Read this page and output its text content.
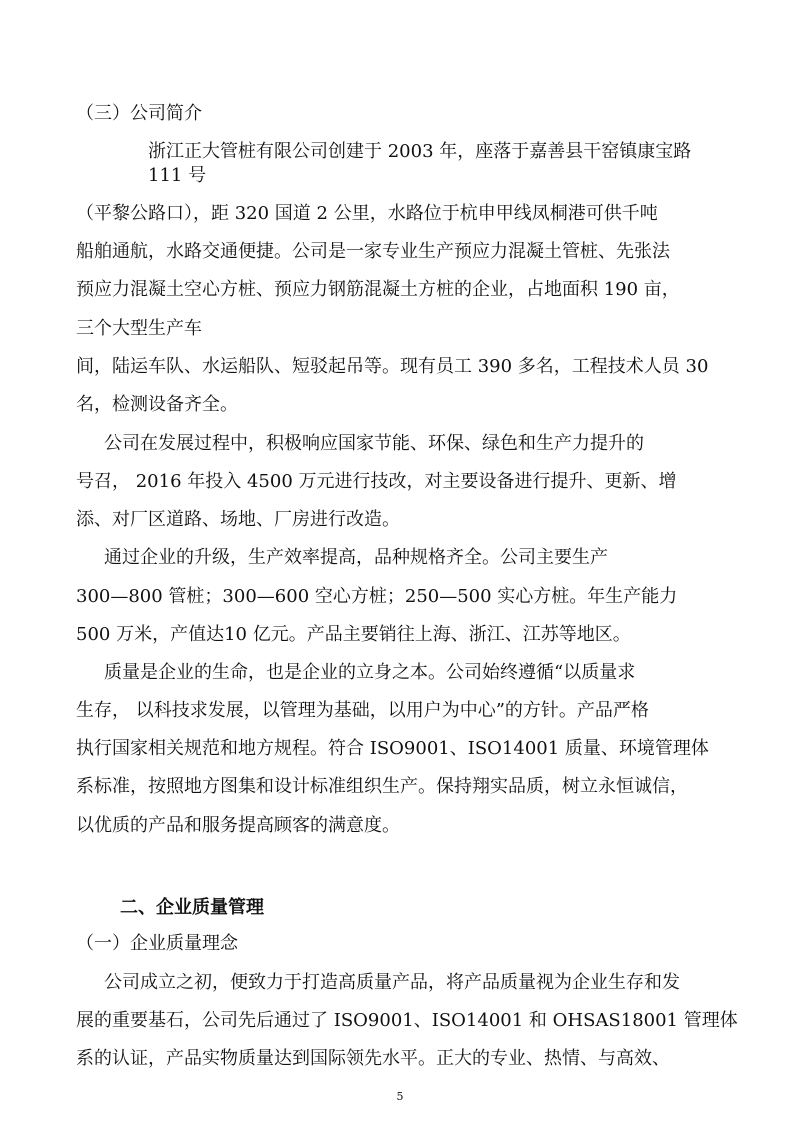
（三）公司简介
浙江正大管桩有限公司创建于 2003 年，座落于嘉善县干窑镇康宝路
111 号
（平黎公路口），距 320 国道 2 公里，水路位于杭申甲线凤桐港可供千吨
船舶通航，水路交通便捷。公司是一家专业生产预应力混凝土管桩、先张法
预应力混凝土空心方桩、预应力钢筋混凝土方桩的企业，占地面积 190 亩，
三个大型生产车
间，陆运车队、水运船队、短驳起吊等。现有员工 390 多名，工程技术人员 30
名，检测设备齐全。
公司在发展过程中，积极响应国家节能、环保、绿色和生产力提升的
号召， 2016 年投入 4500 万元进行技改，对主要设备进行提升、更新、增
添、对厂区道路、场地、厂房进行改造。
通过企业的升级，生产效率提高，品种规格齐全。公司主要生产
300—800 管桩；300—600 空心方桩；250—500 实心方桩。年生产能力
500 万米，产值达10 亿元。产品主要销往上海、浙江、江苏等地区。
质量是企业的生命，也是企业的立身之本。公司始终遵循“以质量求
生存， 以科技求发展，以管理为基础，以用户为中心”的方针。产品严格
执行国家相关规范和地方规程。符合 ISO9001、ISO14001 质量、环境管理体
系标准，按照地方图集和设计标准组织生产。保持翔实品质，树立永恒诚信，
以优质的产品和服务提高顾客的满意度。
二、企业质量管理
（一）企业质量理念
公司成立之初，便致力于打造高质量产品，将产品质量视为企业生存和发
展的重要基石，公司先后通过了 ISO9001、ISO14001 和 OHSAS18001 管理体
系的认证，产品实物质量达到国际领先水平。正大的专业、热情、与高效、
5
